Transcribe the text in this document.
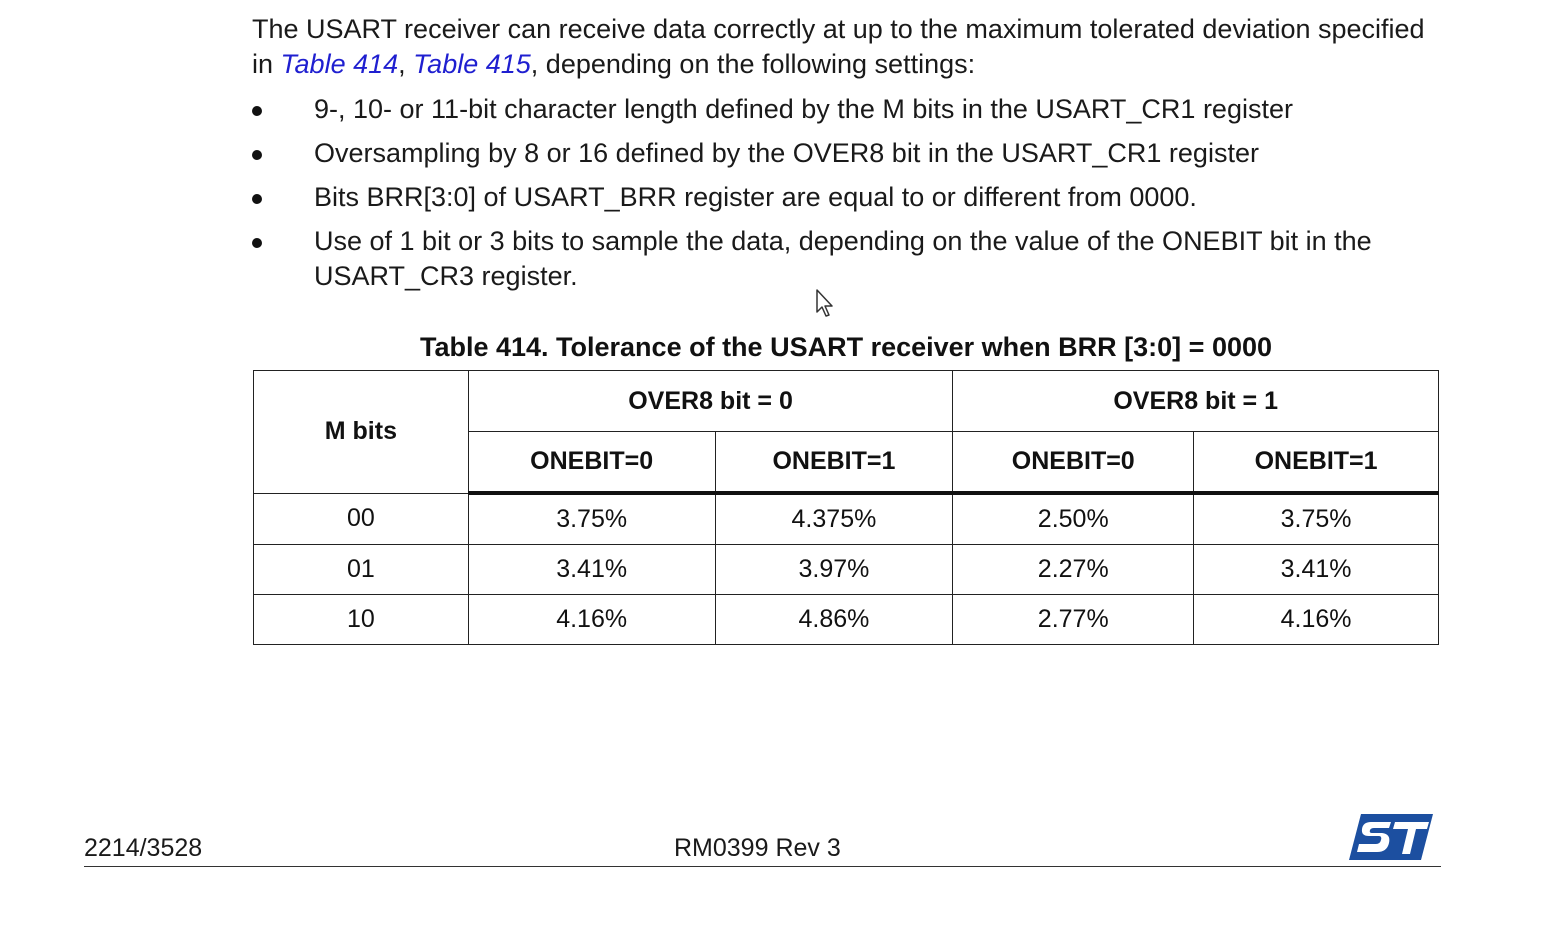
The USART receiver can receive data correctly at up to the maximum tolerated deviation specified in Table 414, Table 415, depending on the following settings:

9-, 10- or 11-bit character length defined by the M bits in the USART_CR1 register
Oversampling by 8 or 16 defined by the OVER8 bit in the USART_CR1 register
Bits BRR[3:0] of USART_BRR register are equal to or different from 0000.
Use of 1 bit or 3 bits to sample the data, depending on the value of the ONEBIT bit in the USART_CR3 register.

Table 414. Tolerance of the USART receiver when BRR [3:0] = 0000

M bits	OVER8 bit = 0		OVER8 bit = 1	
	ONEBIT=0	ONEBIT=1	ONEBIT=0	ONEBIT=1
00	3.75%	4.375%	2.50%	3.75%
01	3.41%	3.97%	2.27%	3.41%
10	4.16%	4.86%	2.77%	4.16%
2214/3528	RM0399 Rev 3
